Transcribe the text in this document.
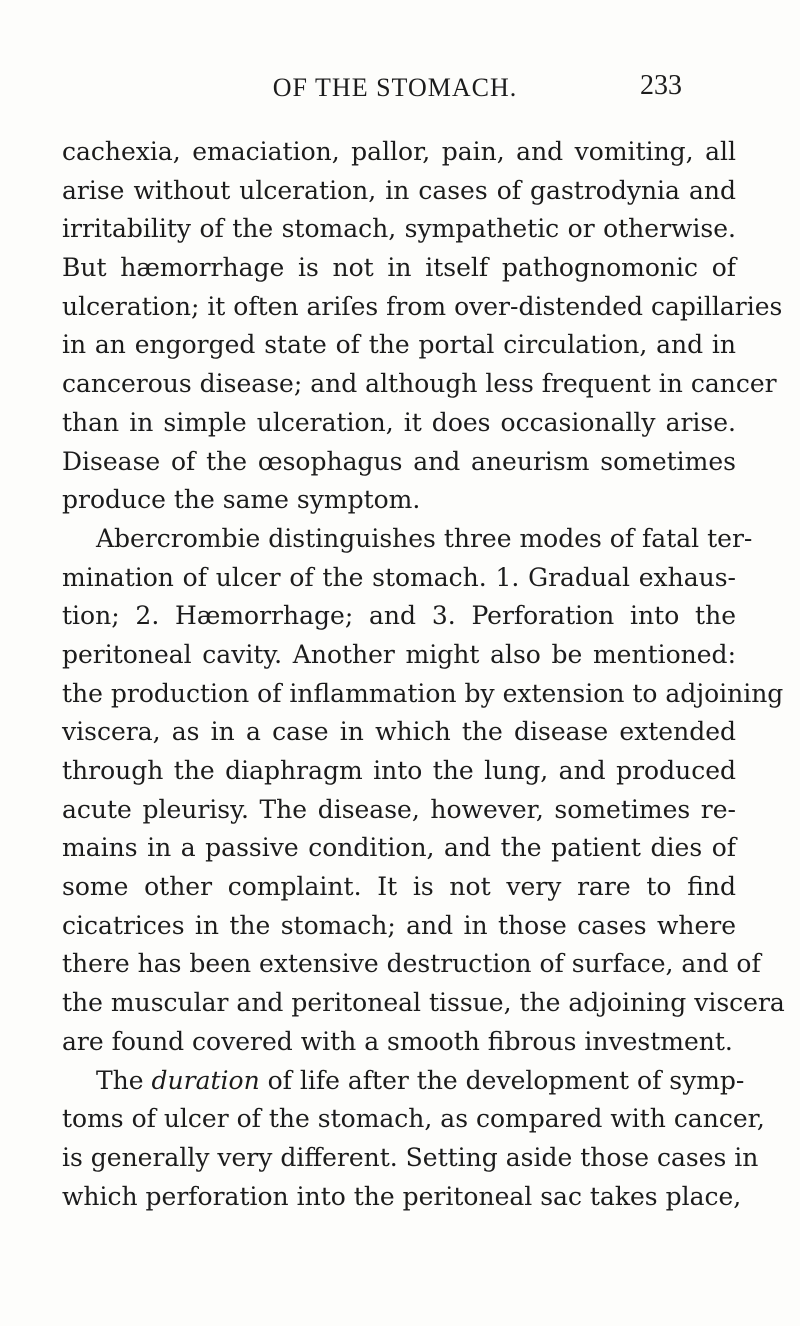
OF THE STOMACH.	233
cachexia, emaciation, pallor, pain, and vomiting, all
arise without ulceration, in cases of gastrodynia and
irritability of the stomach, sympathetic or otherwise.
But hæmorrhage is not in itself pathognomonic of
ulceration; it often ariſes from over-distended capillaries
in an engorged state of the portal circulation, and in
cancerous disease; and although less frequent in cancer
than in simple ulceration, it does occasionally arise.
Disease of the œsophagus and aneurism sometimes
produce the same symptom.
Abercrombie distinguishes three modes of fatal ter-
mination of ulcer of the stomach. 1. Gradual exhaus-
tion; 2. Hæmorrhage; and 3. Perforation into the
peritoneal cavity. Another might also be mentioned:
the production of inflammation by extension to adjoining
viscera, as in a case in which the disease extended
through the diaphragm into the lung, and produced
acute pleurisy. The disease, however, sometimes re-
mains in a passive condition, and the patient dies of
some other complaint. It is not very rare to find
cicatrices in the stomach; and in those cases where
there has been extensive destruction of surface, and of
the muscular and peritoneal tissue, the adjoining viscera
are found covered with a smooth fibrous investment.
The duration of life after the development of symp-
toms of ulcer of the stomach, as compared with cancer,
is generally very different. Setting aside those cases in
which perforation into the peritoneal sac takes place,
